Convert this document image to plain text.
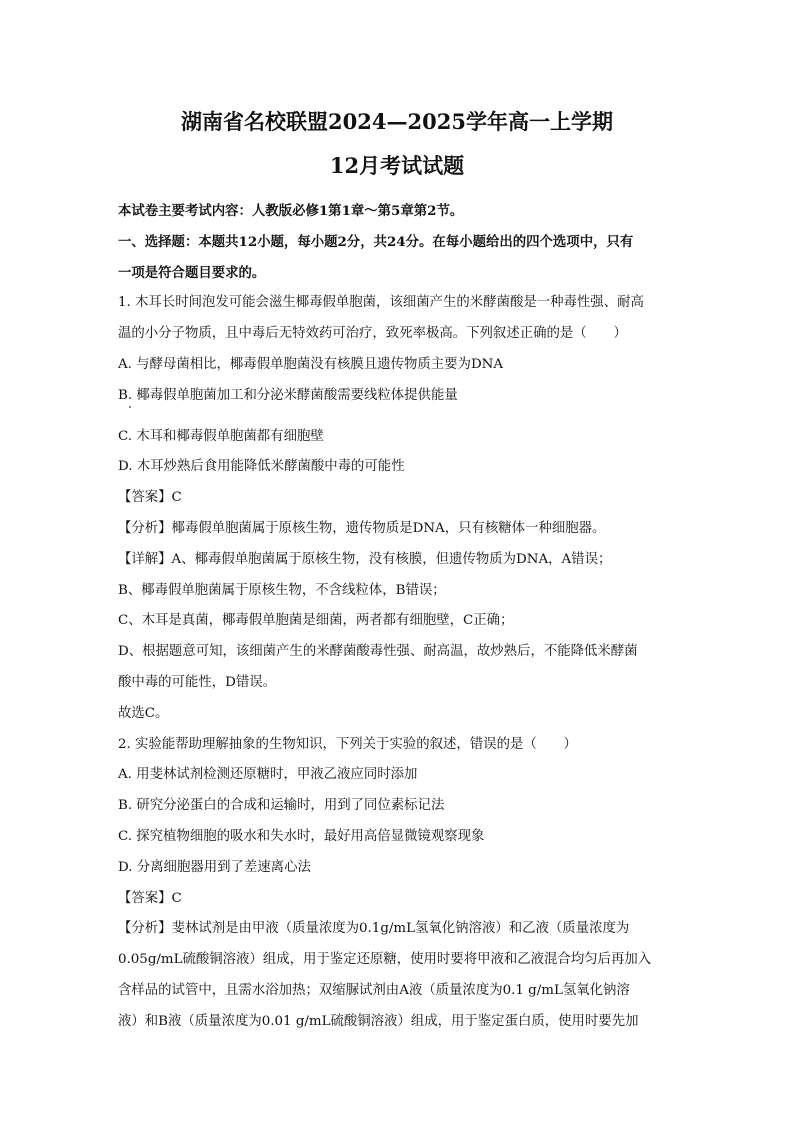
湖南省名校联盟2024—2025学年高一上学期

12月考试试题

本试卷主要考试内容：人教版必修1第1章～第5章第2节。

一、选择题：本题共12小题，每小题2分，共24分。在每小题给出的四个选项中，只有

一项是符合题目要求的。

1. 木耳长时间泡发可能会滋生椰毒假单胞菌，该细菌产生的米酵菌酸是一种毒性强、耐高

温的小分子物质，且中毒后无特效药可治疗，致死率极高。下列叙述正确的是（　　）

A. 与酵母菌相比，椰毒假单胞菌没有核膜且遗传物质主要为DNA

B. 椰毒假单胞菌加工和分泌米酵菌酸需要线粒体提供能量

C. 木耳和椰毒假单胞菌都有细胞壁

D. 木耳炒熟后食用能降低米酵菌酸中毒的可能性

【答案】C

【分析】椰毒假单胞菌属于原核生物，遗传物质是DNA，只有核糖体一种细胞器。

【详解】A、椰毒假单胞菌属于原核生物，没有核膜，但遗传物质为DNA，A错误；

B、椰毒假单胞菌属于原核生物，不含线粒体，B错误；

C、木耳是真菌，椰毒假单胞菌是细菌，两者都有细胞壁，C正确；

D、根据题意可知，该细菌产生的米酵菌酸毒性强、耐高温，故炒熟后，不能降低米酵菌

酸中毒的可能性，D错误。

故选C。

2. 实验能帮助理解抽象的生物知识，下列关于实验的叙述，错误的是（　　）

A. 用斐林试剂检测还原糖时，甲液乙液应同时添加

B. 研究分泌蛋白的合成和运输时，用到了同位素标记法

C. 探究植物细胞的吸水和失水时，最好用高倍显微镜观察现象

D. 分离细胞器用到了差速离心法

【答案】C

【分析】斐林试剂是由甲液（质量浓度为0.1g/mL氢氧化钠溶液）和乙液（质量浓度为

0.05g/mL硫酸铜溶液）组成，用于鉴定还原糖，使用时要将甲液和乙液混合均匀后再加入

含样品的试管中，且需水浴加热；双缩脲试剂由A液（质量浓度为0.1 g/mL氢氧化钠溶

液）和B液（质量浓度为0.01 g/mL硫酸铜溶液）组成，用于鉴定蛋白质，使用时要先加
